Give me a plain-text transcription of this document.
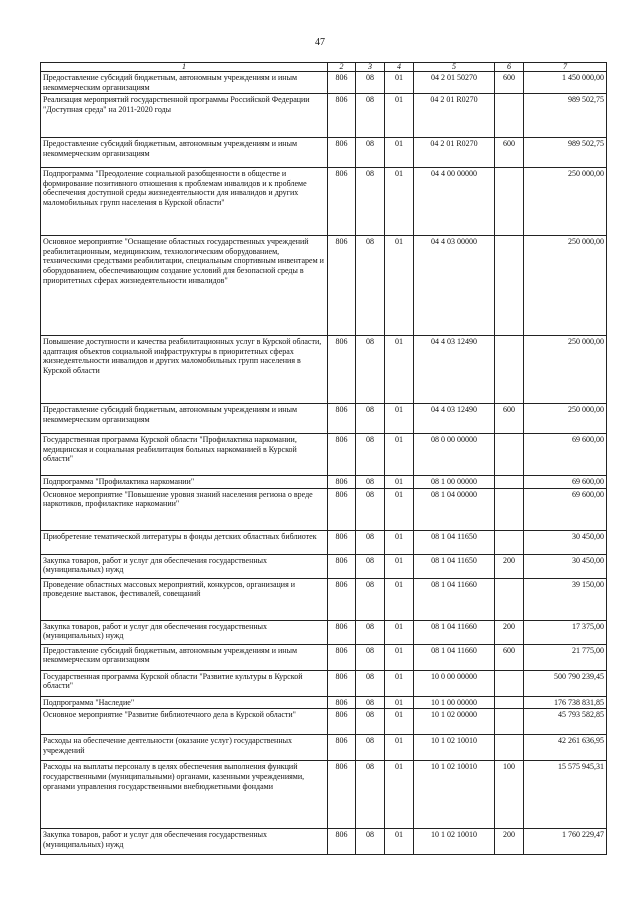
47
1	2	3	4	5	6	7
Предоставление субсидий бюджетным, автономным учреждениям и иным некоммерческим организациям	806	08	01	04 2 01 50270	600	1 450 000,00
Реализация мероприятий государственной программы Российской Федерации "Доступная среда" на 2011-2020 годы	806	08	01	04 2 01 R0270		989 502,75
Предоставление субсидий бюджетным, автономным учреждениям и иным некоммерческим организациям	806	08	01	04 2 01 R0270	600	989 502,75
Подпрограмма "Преодоление социальной разобщенности в обществе и формирование позитивного отношения к проблемам инвалидов и к проблеме обеспечения доступной среды жизнедеятельности для инвалидов и других маломобильных групп населения в Курской области"	806	08	01	04 4 00 00000		250 000,00
Основное мероприятие "Оснащение областных государственных учреждений реабилитационным, медицинским, технологическим оборудованием, техническими средствами реабилитации, специальным спортивным инвентарем и оборудованием, обеспечивающим создание условий для безопасной среды в приоритетных сферах жизнедеятельности инвалидов"	806	08	01	04 4 03 00000		250 000,00
Повышение доступности и качества реабилитационных услуг в Курской области, адаптация объектов социальной инфраструктуры в приоритетных сферах жизнедеятельности инвалидов и других маломобильных групп населения в Курской области	806	08	01	04 4 03 12490		250 000,00
Предоставление субсидий бюджетным, автономным учреждениям и иным некоммерческим организациям	806	08	01	04 4 03 12490	600	250 000,00
Государственная программа Курской области "Профилактика наркомании, медицинская и социальная реабилитация больных наркоманией в Курской области"	806	08	01	08 0 00 00000		69 600,00
Подпрограмма "Профилактика наркомании"	806	08	01	08 1 00 00000		69 600,00
Основное мероприятие "Повышение уровня знаний населения региона о вреде наркотиков, профилактике наркомании"	806	08	01	08 1 04 00000		69 600,00
Приобретение тематической литературы в фонды детских областных библиотек	806	08	01	08 1 04 11650		30 450,00
Закупка товаров, работ и услуг для обеспечения государственных (муниципальных) нужд	806	08	01	08 1 04 11650	200	30 450,00
Проведение областных массовых мероприятий, конкурсов, организация и проведение выставок, фестивалей, совещаний	806	08	01	08 1 04 11660		39 150,00
Закупка товаров, работ и услуг для обеспечения государственных (муниципальных) нужд	806	08	01	08 1 04 11660	200	17 375,00
Предоставление субсидий бюджетным, автономным учреждениям и иным некоммерческим организациям	806	08	01	08 1 04 11660	600	21 775,00
Государственная программа Курской области "Развитие культуры в Курской области"	806	08	01	10 0 00 00000		500 790 239,45
Подпрограмма "Наследие"	806	08	01	10 1 00 00000		176 738 831,85
Основное мероприятие "Развитие библиотечного дела в Курской области"	806	08	01	10 1 02 00000		45 793 582,85
Расходы на обеспечение деятельности (оказание услуг) государственных учреждений	806	08	01	10 1 02 10010		42 261 636,95
Расходы на выплаты персоналу в целях обеспечения выполнения функций государственными (муниципальными) органами, казенными учреждениями, органами управления государственными внебюджетными фондами	806	08	01	10 1 02 10010	100	15 575 945,31
Закупка товаров, работ и услуг для обеспечения государственных (муниципальных) нужд	806	08	01	10 1 02 10010	200	1 760 229,47
